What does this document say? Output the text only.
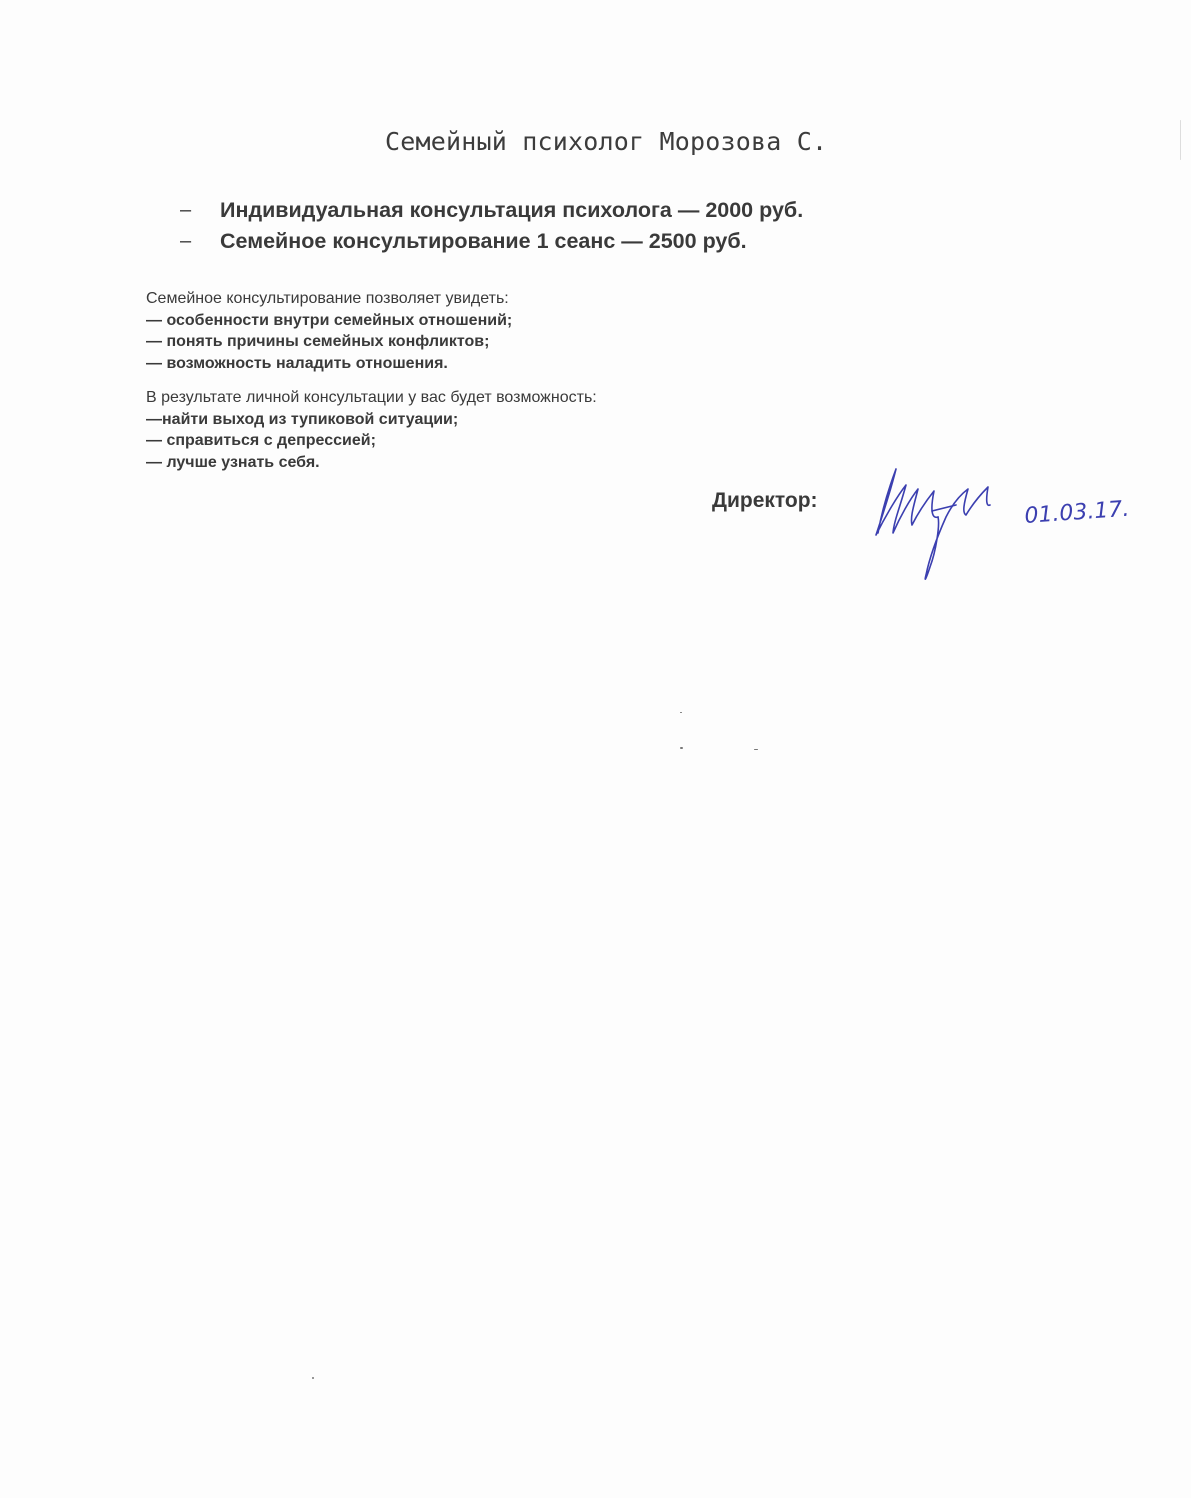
Семейный психолог Морозова С.
– Индивидуальная консультация психолога — 2000 руб.
– Семейное консультирование 1 сеанс — 2500 руб.
Семейное консультирование позволяет увидеть:
— особенности внутри семейных отношений;
— понять причины семейных конфликтов;
— возможность наладить отношения.
В результате личной консультации у вас будет возможность:
—найти выход из тупиковой ситуации;
— справиться с депрессией;
— лучше узнать себя.
Директор:	01.03.17.
